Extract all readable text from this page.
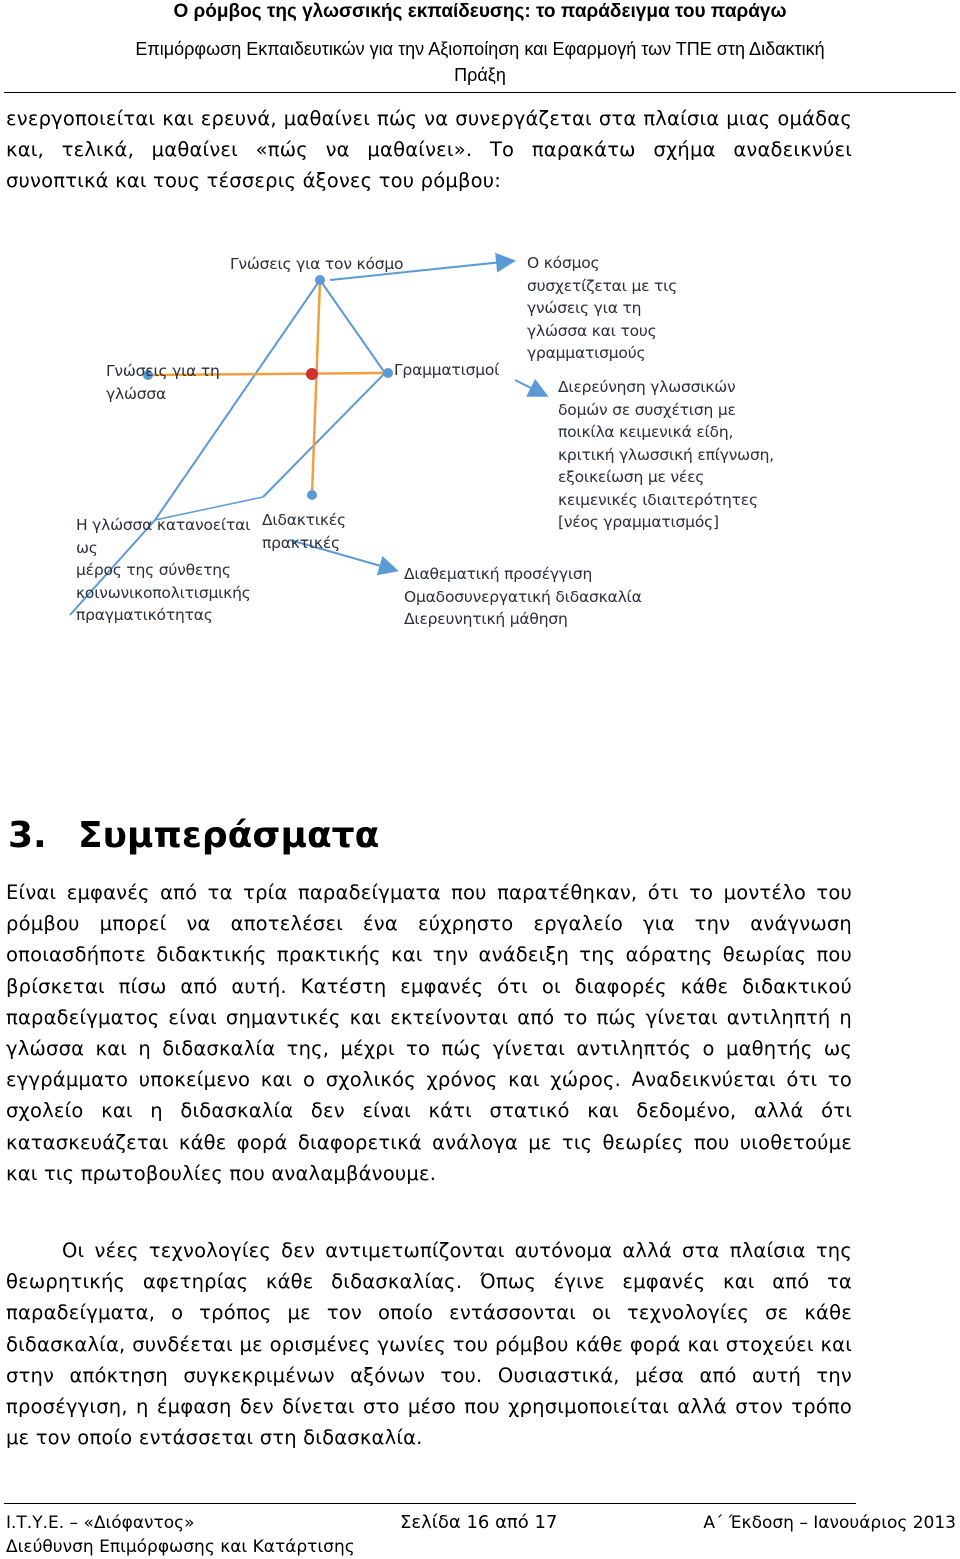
Ο ρόμβος της γλωσσικής εκπαίδευσης: το παράδειγμα του παράγω
Επιμόρφωση Εκπαιδευτικών για την Αξιοποίηση και Εφαρμογή των ΤΠΕ στη Διδακτική
Πράξη

ενεργοποιείται και ερευνά, μαθαίνει πώς να συνεργάζεται στα πλαίσια μιας ομάδας και, τελικά, μαθαίνει «πώς να μαθαίνει». Το παρακάτω σχήμα αναδεικνύει συνοπτικά και τους τέσσερις άξονες του ρόμβου:

Γνώσεις για τον κόσμο
Γνώσεις για τη
γλώσσα
Γραμματισμοί
Διδακτικές
πρακτικές
Ο κόσμος
συσχετίζεται με τις
γνώσεις για τη
γλώσσα και τους
γραμματισμούς
Διερεύνηση γλωσσικών
δομών σε συσχέτιση με
ποικίλα κειμενικά είδη,
κριτική γλωσσική επίγνωση,
εξοικείωση με νέες
κειμενικές ιδιαιτερότητες
[νέος γραμματισμός]
Η γλώσσα κατανοείται
ως
μέρος της σύνθετης
κοινωνικοπολιτισμικής
πραγματικότητας
Διαθεματική προσέγγιση
Ομαδοσυνεργατική διδασκαλία
Διερευνητική μάθηση
3. Συμπεράσματα

Είναι εμφανές από τα τρία παραδείγματα που παρατέθηκαν, ότι το μοντέλο του ρόμβου μπορεί να αποτελέσει ένα εύχρηστο εργαλείο για την ανάγνωση οποιασδήποτε διδακτικής πρακτικής και την ανάδειξη της αόρατης θεωρίας που βρίσκεται πίσω από αυτή. Κατέστη εμφανές ότι οι διαφορές κάθε διδακτικού παραδείγματος είναι σημαντικές και εκτείνονται από το πώς γίνεται αντιληπτή η γλώσσα και η διδασκαλία της, μέχρι το πώς γίνεται αντιληπτός ο μαθητής ως εγγράμματο υποκείμενο και ο σχολικός χρόνος και χώρος. Αναδεικνύεται ότι το σχολείο και η διδασκαλία δεν είναι κάτι στατικό και δεδομένο, αλλά ότι κατασκευάζεται κάθε φορά διαφορετικά ανάλογα με τις θεωρίες που υιοθετούμε και τις πρωτοβουλίες που αναλαμβάνουμε.

Οι νέες τεχνολογίες δεν αντιμετωπίζονται αυτόνομα αλλά στα πλαίσια της θεωρητικής αφετηρίας κάθε διδασκαλίας. Όπως έγινε εμφανές και από τα παραδείγματα, ο τρόπος με τον οποίο εντάσσονται οι τεχνολογίες σε κάθε διδασκαλία, συνδέεται με ορισμένες γωνίες του ρόμβου κάθε φορά και στοχεύει και στην απόκτηση συγκεκριμένων αξόνων του. Ουσιαστικά, μέσα από αυτή την προσέγγιση, η έμφαση δεν δίνεται στο μέσο που χρησιμοποιείται αλλά στον τρόπο με τον οποίο εντάσσεται στη διδασκαλία.

Ι.Τ.Υ.Ε. – «Διόφαντος»	Σελίδα 16 από 17	Α΄ Έκδοση – Ιανουάριος 2013
Διεύθυνση Επιμόρφωσης και Κατάρτισης
